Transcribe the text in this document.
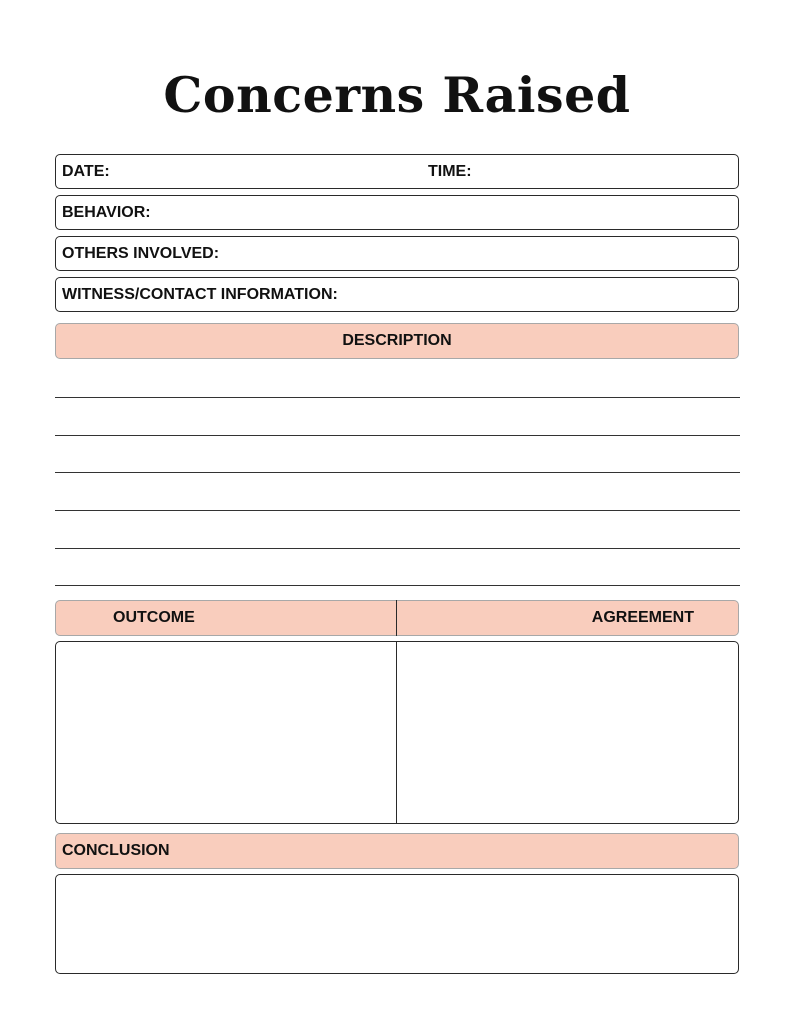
Concerns Raised
DATE:	TIME:
BEHAVIOR:
OTHERS INVOLVED:
WITNESS/CONTACT INFORMATION:
DESCRIPTION
OUTCOME	AGREEMENT
CONCLUSION
